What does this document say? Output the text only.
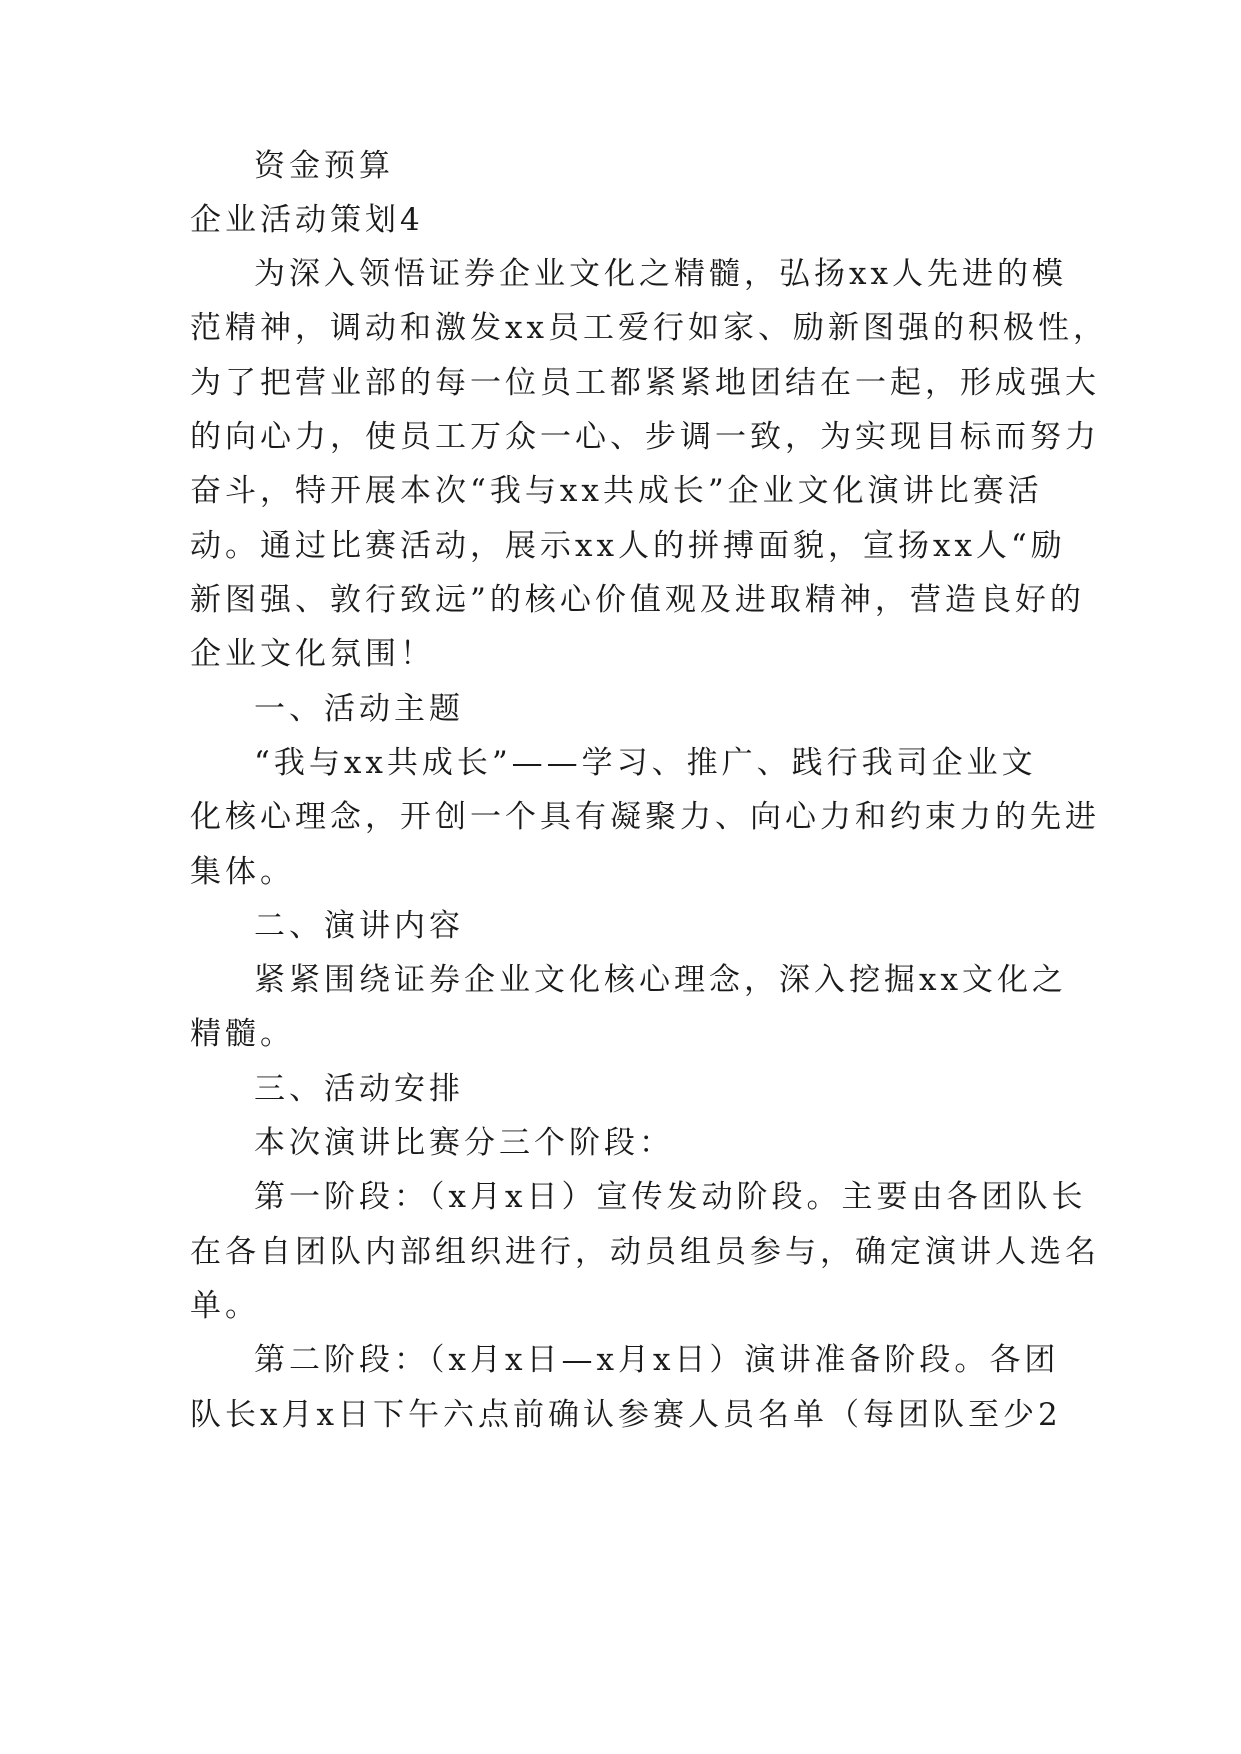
资金预算
企业活动策划4
为深入领悟证券企业文化之精髓，弘扬xx人先进的模
范精神，调动和激发xx员工爱行如家、励新图强的积极性，
为了把营业部的每一位员工都紧紧地团结在一起，形成强大
的向心力，使员工万众一心、步调一致，为实现目标而努力
奋斗，特开展本次“我与xx共成长”企业文化演讲比赛活
动。通过比赛活动，展示xx人的拼搏面貌，宣扬xx人“励
新图强、敦行致远”的核心价值观及进取精神，营造良好的
企业文化氛围！
一、活动主题
“我与xx共成长”——学习、推广、践行我司企业文
化核心理念，开创一个具有凝聚力、向心力和约束力的先进
集体。
二、演讲内容
紧紧围绕证券企业文化核心理念，深入挖掘xx文化之
精髓。
三、活动安排
本次演讲比赛分三个阶段：
第一阶段：（x月x日）宣传发动阶段。主要由各团队长
在各自团队内部组织进行，动员组员参与，确定演讲人选名
单。
第二阶段：（x月x日—x月x日）演讲准备阶段。各团
队长x月x日下午六点前确认参赛人员名单（每团队至少2
